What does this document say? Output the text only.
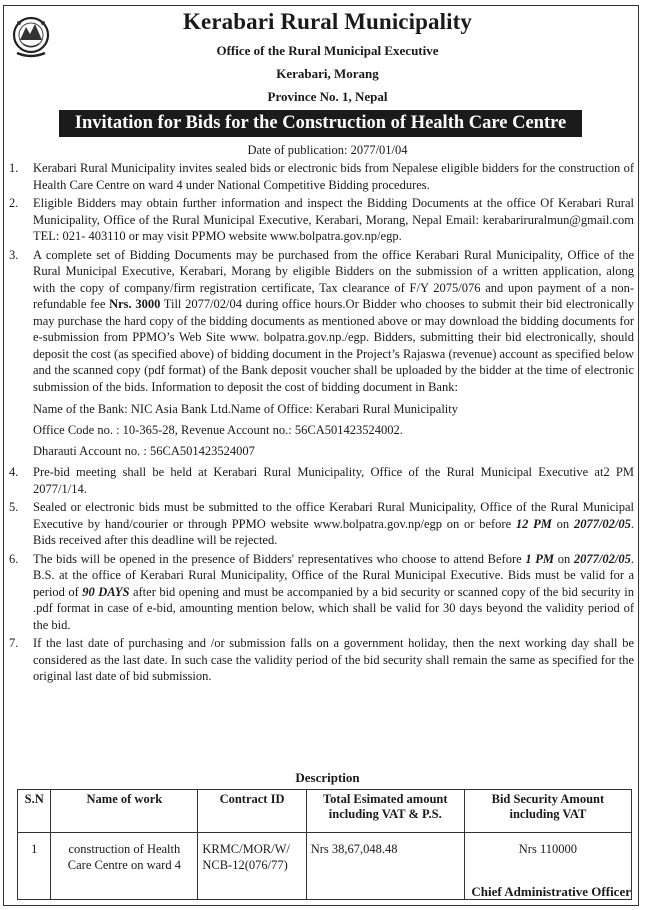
Kerabari Rural Municipality
Office of the Rural Municipal Executive
Kerabari, Morang
Province No. 1, Nepal
Invitation for Bids for the Construction of Health Care Centre
Date of publication: 2077/01/04
1. Kerabari Rural Municipality invites sealed bids or electronic bids from Nepalese eligible bidders for the construction of Health Care Centre on ward 4 under National Competitive Bidding procedures.
2. Eligible Bidders may obtain further information and inspect the Bidding Documents at the office Of Kerabari Rural Municipality, Office of the Rural Municipal Executive, Kerabari, Morang, Nepal Email: kerabariruralmun@gmail.com TEL: 021- 403110 or may visit PPMO website www.bolpatra.gov.np/egp.
3. A complete set of Bidding Documents may be purchased from the office Kerabari Rural Municipality, Office of the Rural Municipal Executive, Kerabari, Morang by eligible Bidders on the submission of a written application, along with the copy of company/firm registration certificate, Tax clearance of F/Y 2075/076 and upon payment of a non-refundable fee Nrs. 3000 Till 2077/02/04 during office hours.Or Bidder who chooses to submit their bid electronically may purchase the hard copy of the bidding documents as mentioned above or may download the bidding documents for e-submission from PPMO’s Web Site www. bolpatra.gov.np./egp. Bidders, submitting their bid electronically, should deposit the cost (as specified above) of bidding document in the Project’s Rajaswa (revenue) account as specified below and the scanned copy (pdf format) of the Bank deposit voucher shall be uploaded by the bidder at the time of electronic submission of the bids. Information to deposit the cost of bidding document in Bank:
Name of the Bank: NIC Asia Bank Ltd.Name of Office: Kerabari Rural Municipality
Office Code no. : 10-365-28, Revenue Account no.: 56CA501423524002.
Dharauti Account no. : 56CA501423524007
4. Pre-bid meeting shall be held at Kerabari Rural Municipality, Office of the Rural Municipal Executive at2 PM 2077/1/14.
5. Sealed or electronic bids must be submitted to the office Kerabari Rural Municipality, Office of the Rural Municipal Executive by hand/courier or through PPMO website www.bolpatra.gov.np/egp on or before 12 PM on 2077/02/05. Bids received after this deadline will be rejected.
6. The bids will be opened in the presence of Bidders' representatives who choose to attend Before 1 PM on 2077/02/05. B.S. at the office of Kerabari Rural Municipality, Office of the Rural Municipal Executive. Bids must be valid for a period of 90 DAYS after bid opening and must be accompanied by a bid security or scanned copy of the bid security in .pdf format in case of e-bid, amounting mention below, which shall be valid for 30 days beyond the validity period of the bid.
7. If the last date of purchasing and /or submission falls on a government holiday, then the next working day shall be considered as the last date. In such case the validity period of the bid security shall remain the same as specified for the original last date of bid submission.
Description
S.N	Name of work	Contract ID	Total Esimated amount including VAT & P.S.	Bid Security Amount including VAT
1	construction of Health Care Centre on ward 4	KRMC/MOR/W/ NCB-12(076/77)	Nrs 38,67,048.48	Nrs 110000
Chief Administrative Officer
